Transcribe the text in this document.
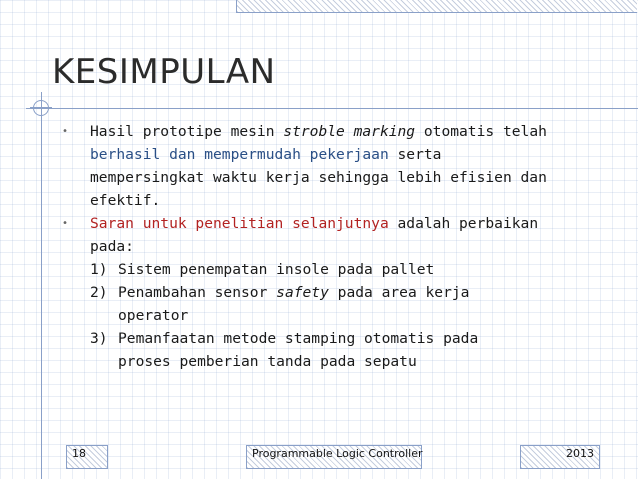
KESIMPULAN
• Hasil prototipe mesin stroble marking otomatis telah
berhasil dan mempermudah pekerjaan serta
mempersingkat waktu kerja sehingga lebih efisien dan
efektif.
• Saran untuk penelitian selanjutnya adalah perbaikan
pada:
1) Sistem penempatan insole pada pallet
2) Penambahan sensor safety pada area kerja
operator
3) Pemanfaatan metode stamping otomatis pada
proses pemberian tanda pada sepatu
18	Programmable Logic Controller	2013
